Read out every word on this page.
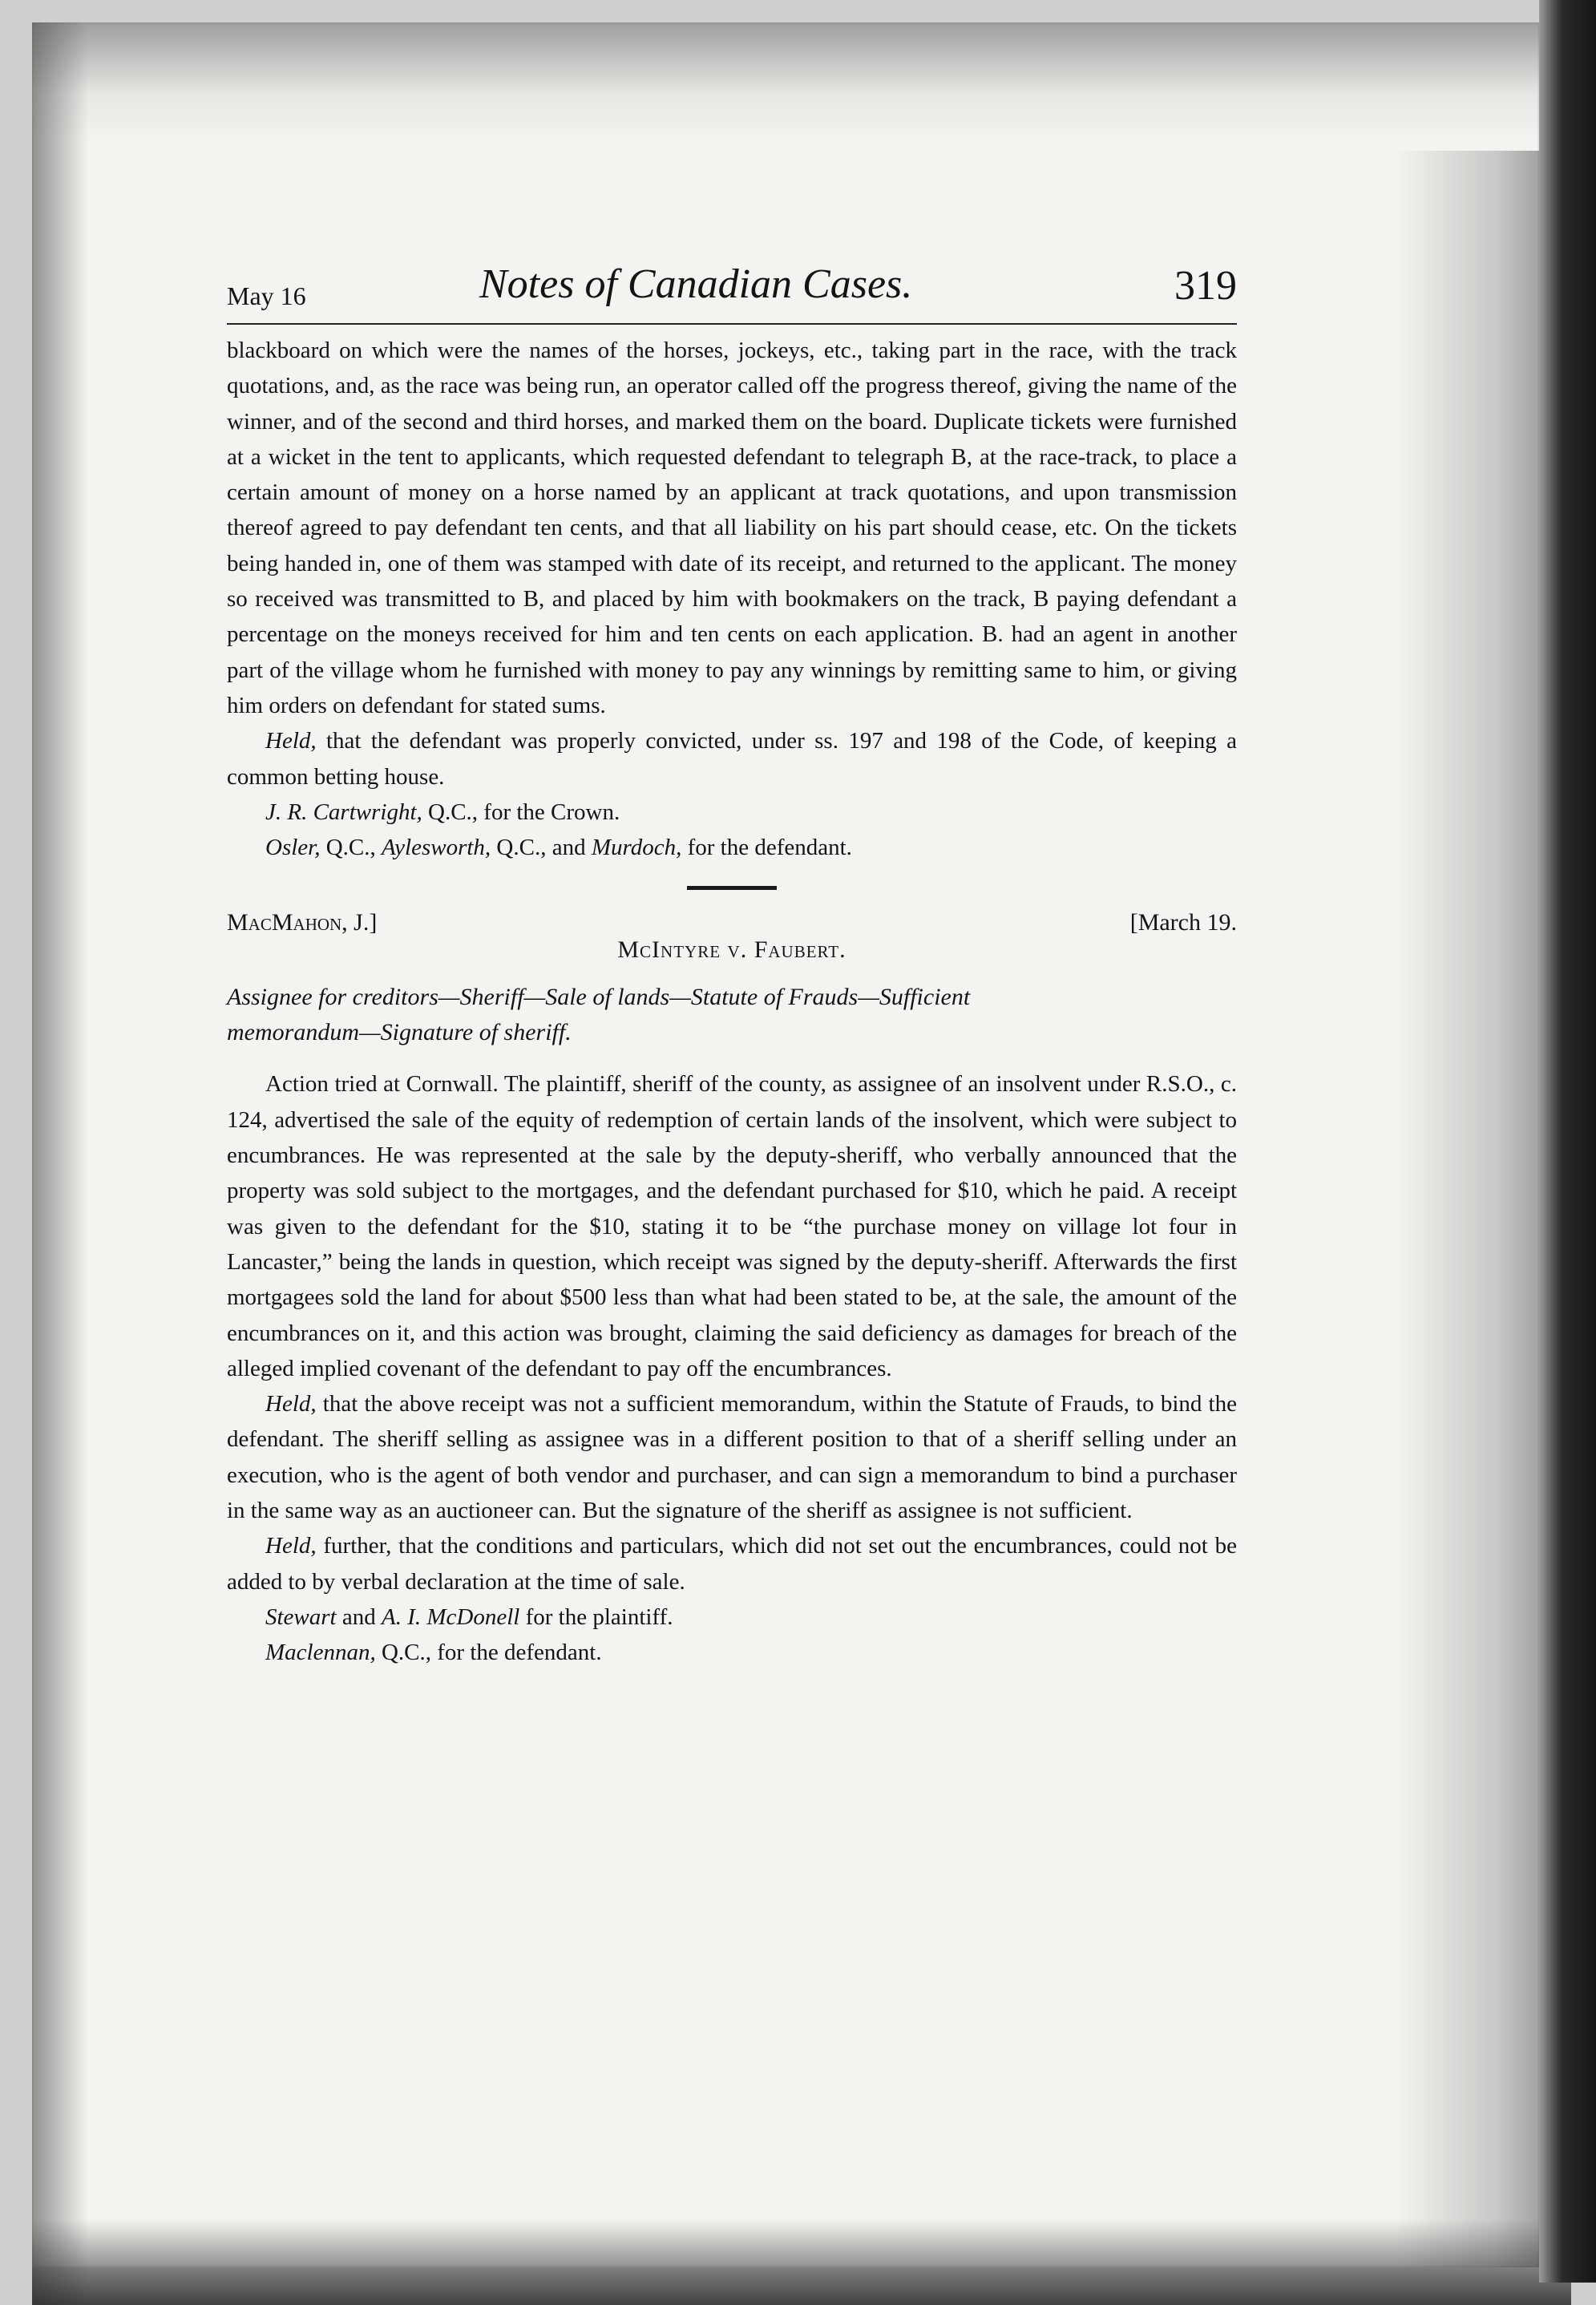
May 16	Notes of Canadian Cases.	319

blackboard on which were the names of the horses, jockeys, etc., taking part in the race, with the track quotations, and, as the race was being run, an operator called off the progress thereof, giving the name of the winner, and of the second and third horses, and marked them on the board. Duplicate tickets were furnished at a wicket in the tent to applicants, which requested defendant to telegraph B, at the race-track, to place a certain amount of money on a horse named by an applicant at track quotations, and upon transmission thereof agreed to pay defendant ten cents, and that all liability on his part should cease, etc. On the tickets being handed in, one of them was stamped with date of its receipt, and returned to the applicant. The money so received was transmitted to B, and placed by him with bookmakers on the track, B paying defendant a percentage on the moneys received for him and ten cents on each application. B. had an agent in another part of the village whom he furnished with money to pay any winnings by remitting same to him, or giving him orders on defendant for stated sums.

Held, that the defendant was properly convicted, under ss. 197 and 198 of the Code, of keeping a common betting house.

J. R. Cartwright, Q.C., for the Crown.

Osler, Q.C., Aylesworth, Q.C., and Murdoch, for the defendant.

MacMahon, J.]	[March 19.
McIntyre v. Faubert.
Assignee for creditors—Sheriff—Sale of lands—Statute of Frauds—Sufficient
memorandum—Signature of sheriff.

Action tried at Cornwall. The plaintiff, sheriff of the county, as assignee of an insolvent under R.S.O., c. 124, advertised the sale of the equity of redemption of certain lands of the insolvent, which were subject to encumbrances. He was represented at the sale by the deputy-sheriff, who verbally announced that the property was sold subject to the mortgages, and the defendant purchased for $10, which he paid. A receipt was given to the defendant for the $10, stating it to be “the purchase money on village lot four in Lancaster,” being the lands in question, which receipt was signed by the deputy-sheriff. Afterwards the first mortgagees sold the land for about $500 less than what had been stated to be, at the sale, the amount of the encumbrances on it, and this action was brought, claiming the said deficiency as damages for breach of the alleged implied covenant of the defendant to pay off the encumbrances.

Held, that the above receipt was not a sufficient memorandum, within the Statute of Frauds, to bind the defendant. The sheriff selling as assignee was in a different position to that of a sheriff selling under an execution, who is the agent of both vendor and purchaser, and can sign a memorandum to bind a purchaser in the same way as an auctioneer can. But the signature of the sheriff as assignee is not sufficient.

Held, further, that the conditions and particulars, which did not set out the encumbrances, could not be added to by verbal declaration at the time of sale.

Stewart and A. I. McDonell for the plaintiff.

Maclennan, Q.C., for the defendant.
